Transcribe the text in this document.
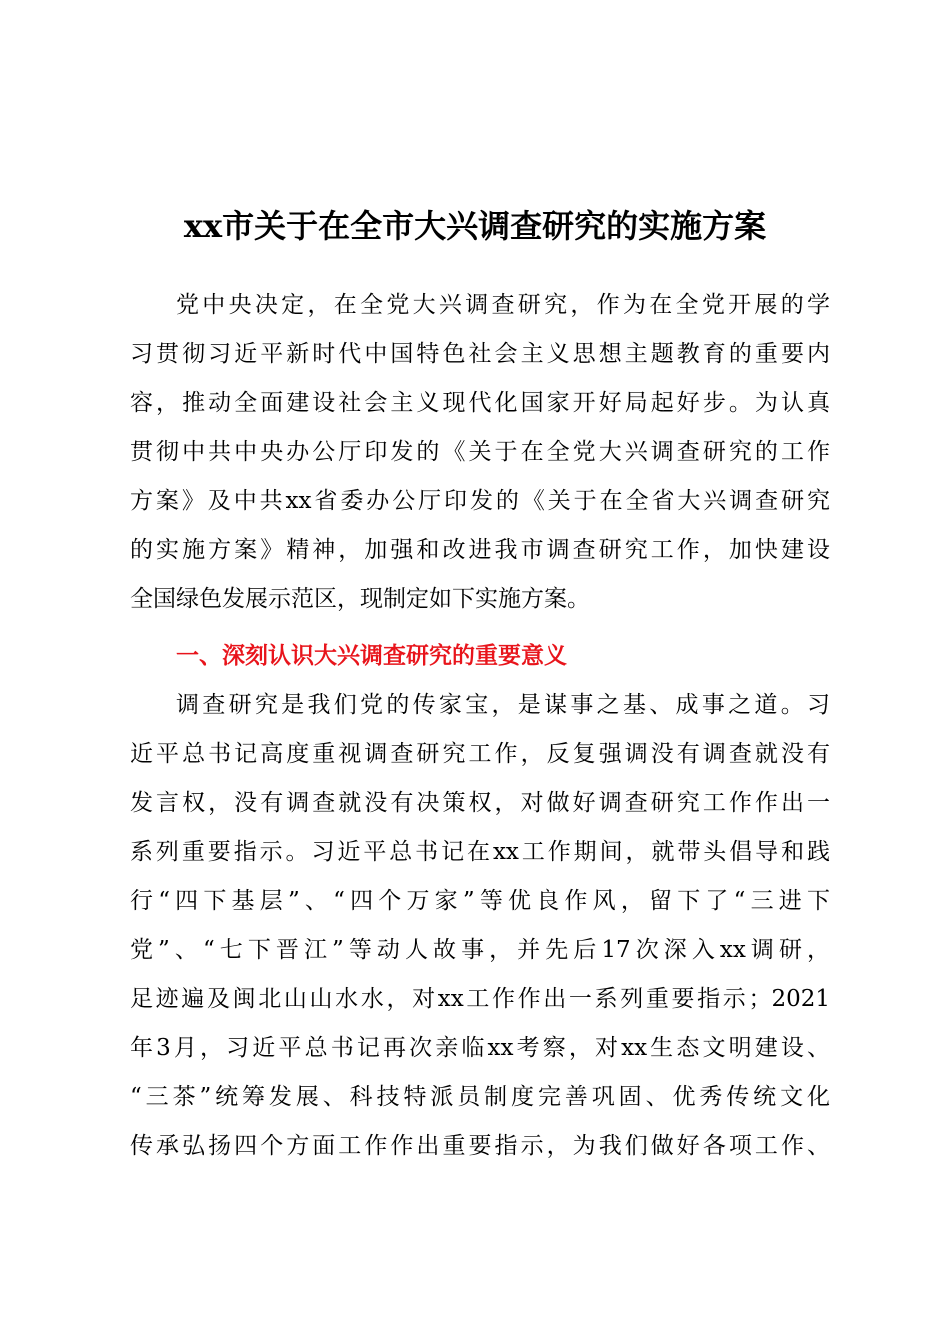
xx市关于在全市大兴调查研究的实施方案
党中央决定，在全党大兴调查研究，作为在全党开展的学
习贯彻习近平新时代中国特色社会主义思想主题教育的重要内
容，推动全面建设社会主义现代化国家开好局起好步。为认真
贯彻中共中央办公厅印发的《关于在全党大兴调查研究的工作
方案》及中共xx省委办公厅印发的《关于在全省大兴调查研究
的实施方案》精神，加强和改进我市调查研究工作，加快建设
全国绿色发展示范区，现制定如下实施方案。
一、深刻认识大兴调查研究的重要意义
调查研究是我们党的传家宝，是谋事之基、成事之道。习
近平总书记高度重视调查研究工作，反复强调没有调查就没有
发言权，没有调查就没有决策权，对做好调查研究工作作出一
系列重要指示。习近平总书记在xx工作期间，就带头倡导和践
行“四下基层”、“四个万家”等优良作风，留下了“三进下
党”、“七下晋江”等动人故事，并先后17次深入xx调研，
足迹遍及闽北山山水水，对xx工作作出一系列重要指示；2021
年3月，习近平总书记再次亲临xx考察，对xx生态文明建设、
“三茶”统筹发展、科技特派员制度完善巩固、优秀传统文化
传承弘扬四个方面工作作出重要指示，为我们做好各项工作、
